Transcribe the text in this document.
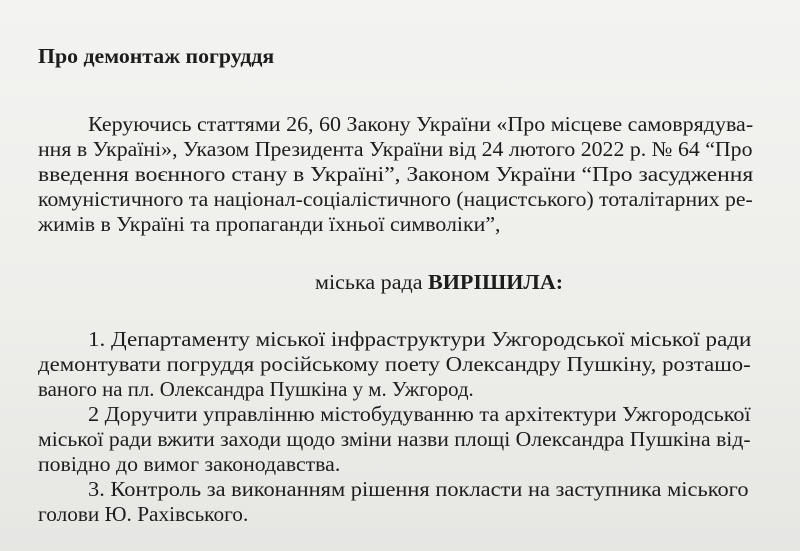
Про демонтаж погруддя
Керуючись статтями 26, 60 Закону України «Про місцеве самоврядува-
ння в Україні», Указом Президента України від 24 лютого 2022 р. № 64 “Про
введення воєнного стану в Україні”, Законом України “Про засудження
комуністичного та націонал-соціалістичного (нацистського) тоталітарних ре-
жимів в Україні та пропаганди їхньої символіки”,
міська рада ВИРІШИЛА:
1. Департаменту міської інфраструктури Ужгородської міської ради
демонтувати погруддя російському поету Олександру Пушкіну, розташо-
ваного на пл. Олександра Пушкіна у м. Ужгород.
2 Доручити управлінню містобудуванню та архітектури Ужгородської
міської ради вжити заходи щодо зміни назви площі Олександра Пушкіна від-
повідно до вимог законодавства.
3. Контроль за виконанням рішення покласти на заступника міського
голови Ю. Рахівського.
